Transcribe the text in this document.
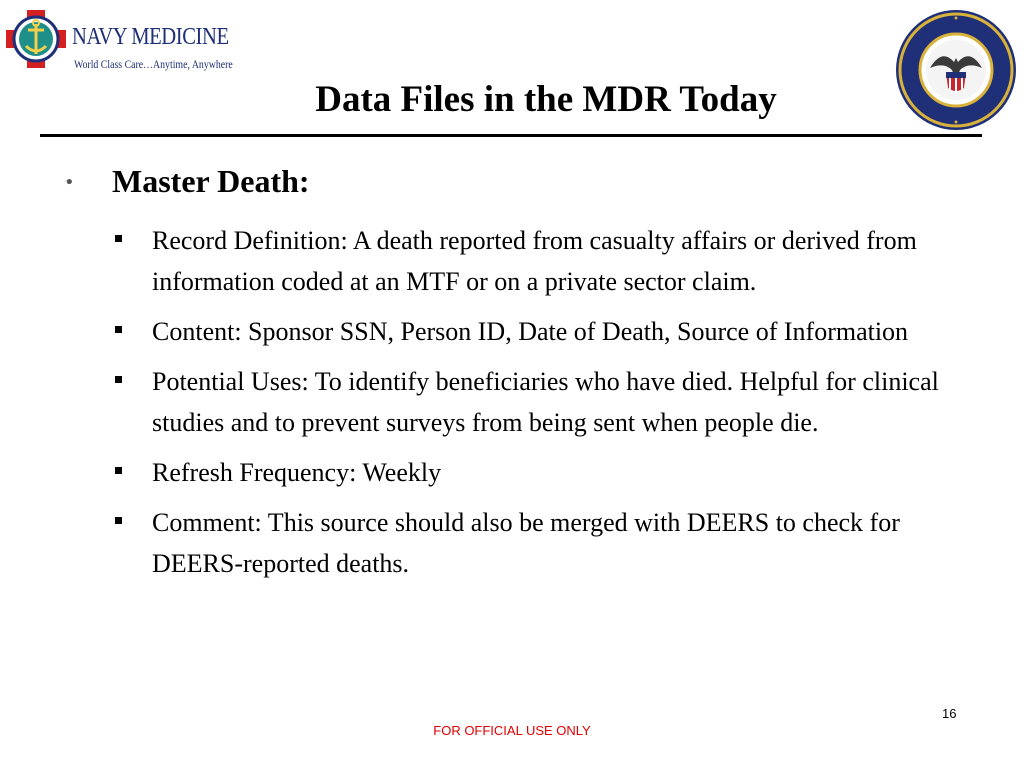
NAVY MEDICINE
World Class Care…Anytime, Anywhere
Data Files in the MDR Today
• Master Death:
Record Definition: A death reported from casualty affairs or derived from information coded at an MTF or on a private sector claim.
Content: Sponsor SSN, Person ID, Date of Death, Source of Information
Potential Uses: To identify beneficiaries who have died. Helpful for clinical studies and to prevent surveys from being sent when people die.
Refresh Frequency: Weekly
Comment: This source should also be merged with DEERS to check for DEERS-reported deaths.
16
FOR OFFICIAL USE ONLY
